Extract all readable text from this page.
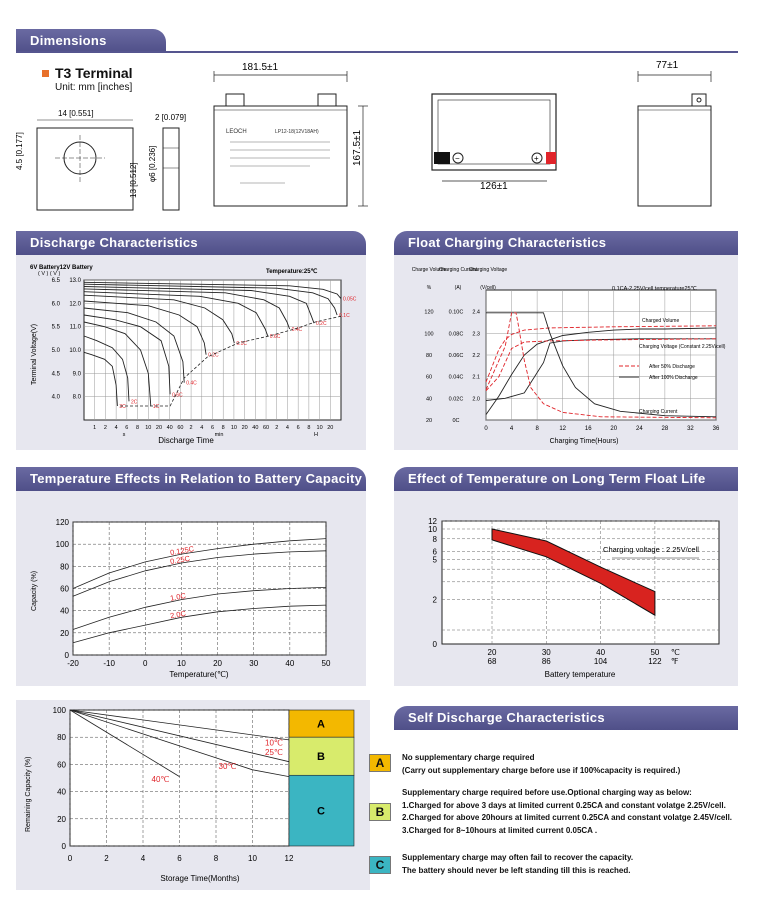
Dimensions
Discharge Characteristics	Float Charging Characteristics
Temperature Effects in Relation to Battery Capacity	Effect of Temperature on Long Term Float Life
Self Discharge Characteristics
T3 Terminal
Unit: mm [inches]
14 [0.551]
4.5 [0.177]
2 [0.079]
13 [0.512] φ6 [0.236]
181.5±1
LEOCH	LP12-18(12V18AH)	167.5±1	−	+
126±1
77±1
1 2 4 6 8 10 20 40 60 2 4 6 8 10 20 40 60 2 4 6 8 10 20
s	min	H
13.0
6.5
12.0
6.0
11.0
5.5
10.0
5.0
9.0
4.5
8.0
4.0
6V Battery12V Battery
( V ) ( V )	Temperature:25℃
Terminal Voltage(V)
Discharge Time
3C
2C
1C
0.6C
0.4C
0.2C
0.1C
0.6C
0.4C
0.2C
0.1C
0.05C
Charge Volume
%
Charging Current
(A)
Charging Voltage
(V/cell)	0.1CA-2.25V/cell temperature25℃
0	4	8	12	16	20	24	28	32	36
20	0C
40	0.02C
60	0.04C
80	0.06C
100	0.08C
120	0.10C
2.0
2.1
2.2
2.3
2.4
Charged Volume
Charging Voltage (Constant 2.25V/cell)
After 50% Discharge
After 100% Discharge
Charging Current
Charging Time(Hours)
-20	-10	0	10	20	30	40	50
0
20
40
60
80
100
120
0.125C
0.25C
1.0C
2.0C
Capacity (%)
Temperature(℃)
0
2
5
6
8
10
12
20
68
30
86
40
104
50
122
℃
℉
Charging voltage : 2.25V/cell
Battery temperature
A
B
C
0	2	4	6	8	10	12
0
20
40
60
80
100
10℃
25℃
30℃
40℃
Remaining Capacity (%)
Storage Time(Months)
A	No supplementary charge required
(Carry out supplementary charge before use if 100%capacity is required.)
B
Supplementary charge required before use.Optional charging way as below:
1.Charged for above 3 days at limited current 0.25CA and constant volatge 2.25V/cell.
2.Charged for above 20hours at limited current 0.25CA and constant volatge 2.45V/cell.
3.Charged for 8~10hours at limited current 0.05CA .
C
Supplementary charge may often fail to recover the capacity.
The battery should never be left standing till this is reached.
